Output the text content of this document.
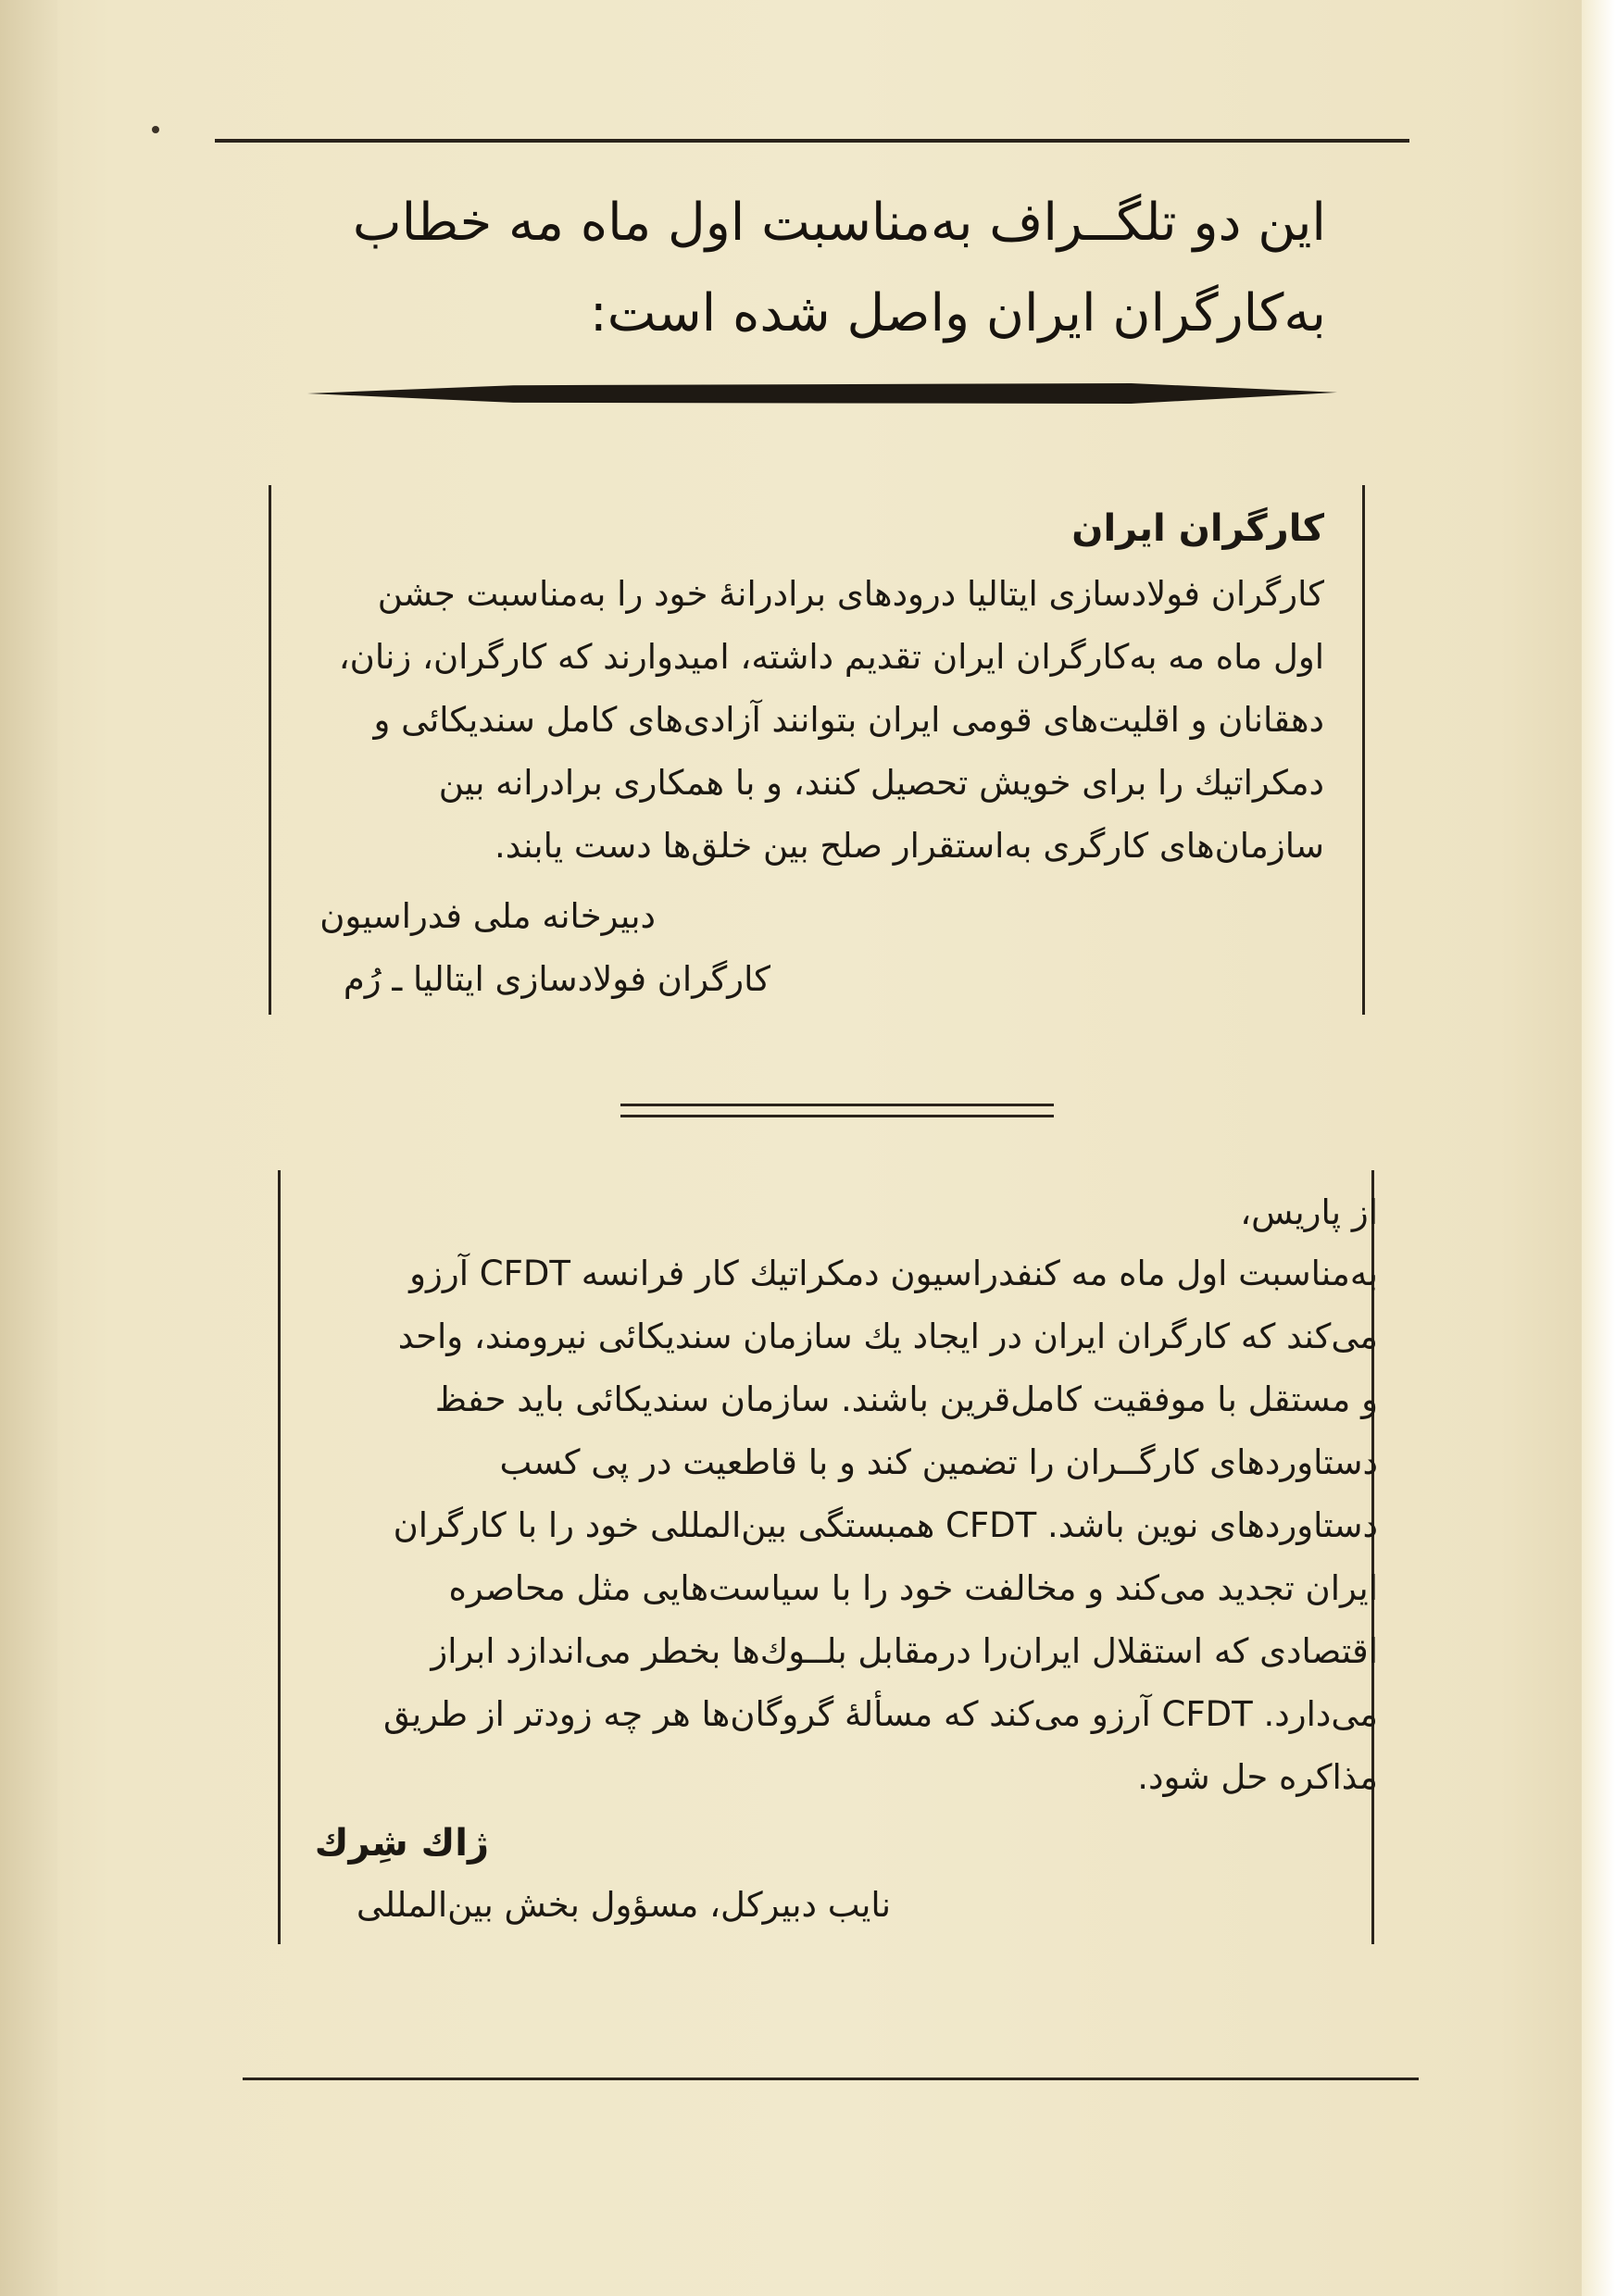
این دو تلگــراف به‌مناسبت اول ماه مه خطاب
به‌کارگران ایران واصل شده است:
کارگران ایران
کارگران فولادسازی ایتالیا درودهای برادرانهٔ خود را به‌مناسبت جشن
اول ماه مه به‌کارگران ایران تقدیم داشته، امیدوارند که کارگران، زنان،
دهقانان و اقلیت‌های قومی ایران بتوانند آزادی‌های کامل سندیکائی و
دمکراتیك را برای خویش تحصیل کنند، و با همکاری برادرانه بین
سازمان‌های کارگری به‌استقرار صلح بین خلق‌ها دست یابند.
دبیرخانه ملی فدراسیون
کارگران فولادسازی ایتالیا ـ رُم
از پاریس،
به‌مناسبت اول ماه مه کنفدراسیون دمکراتیك کار فرانسه CFDT آرزو
می‌کند که کارگران ایران در ایجاد یك سازمان سندیکائی نیرومند، واحد
و مستقل با موفقیت کامل‌قرین باشند. سازمان سندیکائی باید حفظ
دستاوردهای کارگــران را تضمین کند و با قاطعیت در پی کسب
دستاوردهای نوین باشد. CFDT همبستگی بین‌المللی خود را با کارگران
ایران تجدید می‌کند و مخالفت خود را با سیاست‌هایی مثل محاصره
اقتصادی که استقلال ایران‌را درمقابل بلــوك‌ها بخطر می‌اندازد ابراز
می‌دارد. CFDT آرزو می‌کند که مسألهٔ گروگان‌ها هر چه زودتر از طریق
مذاکره حل شود.
ژاك شِرك
نایب دبیرکل، مسؤول بخش بین‌المللی
